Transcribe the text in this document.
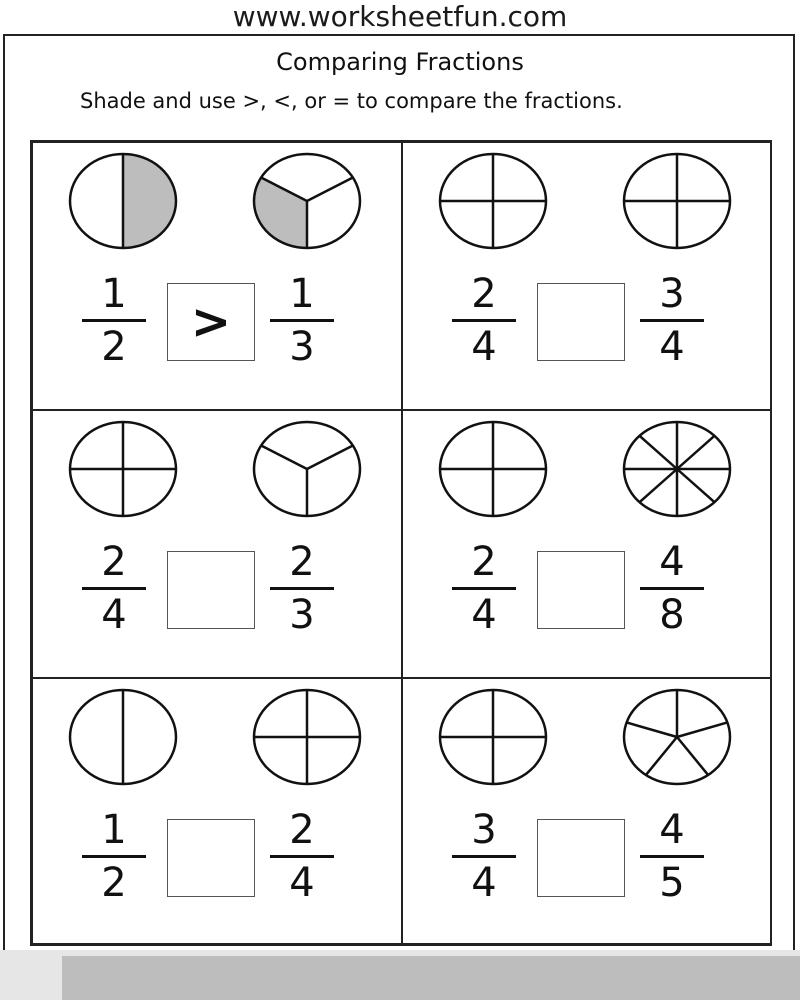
www.worksheetfun.com
Comparing Fractions
Shade and use >, <, or = to compare the fractions.
1
2	>	1
3
2
4
3
4
2
4
2
3
2
4
4
8
1
2
2
4
3
4
4
5
